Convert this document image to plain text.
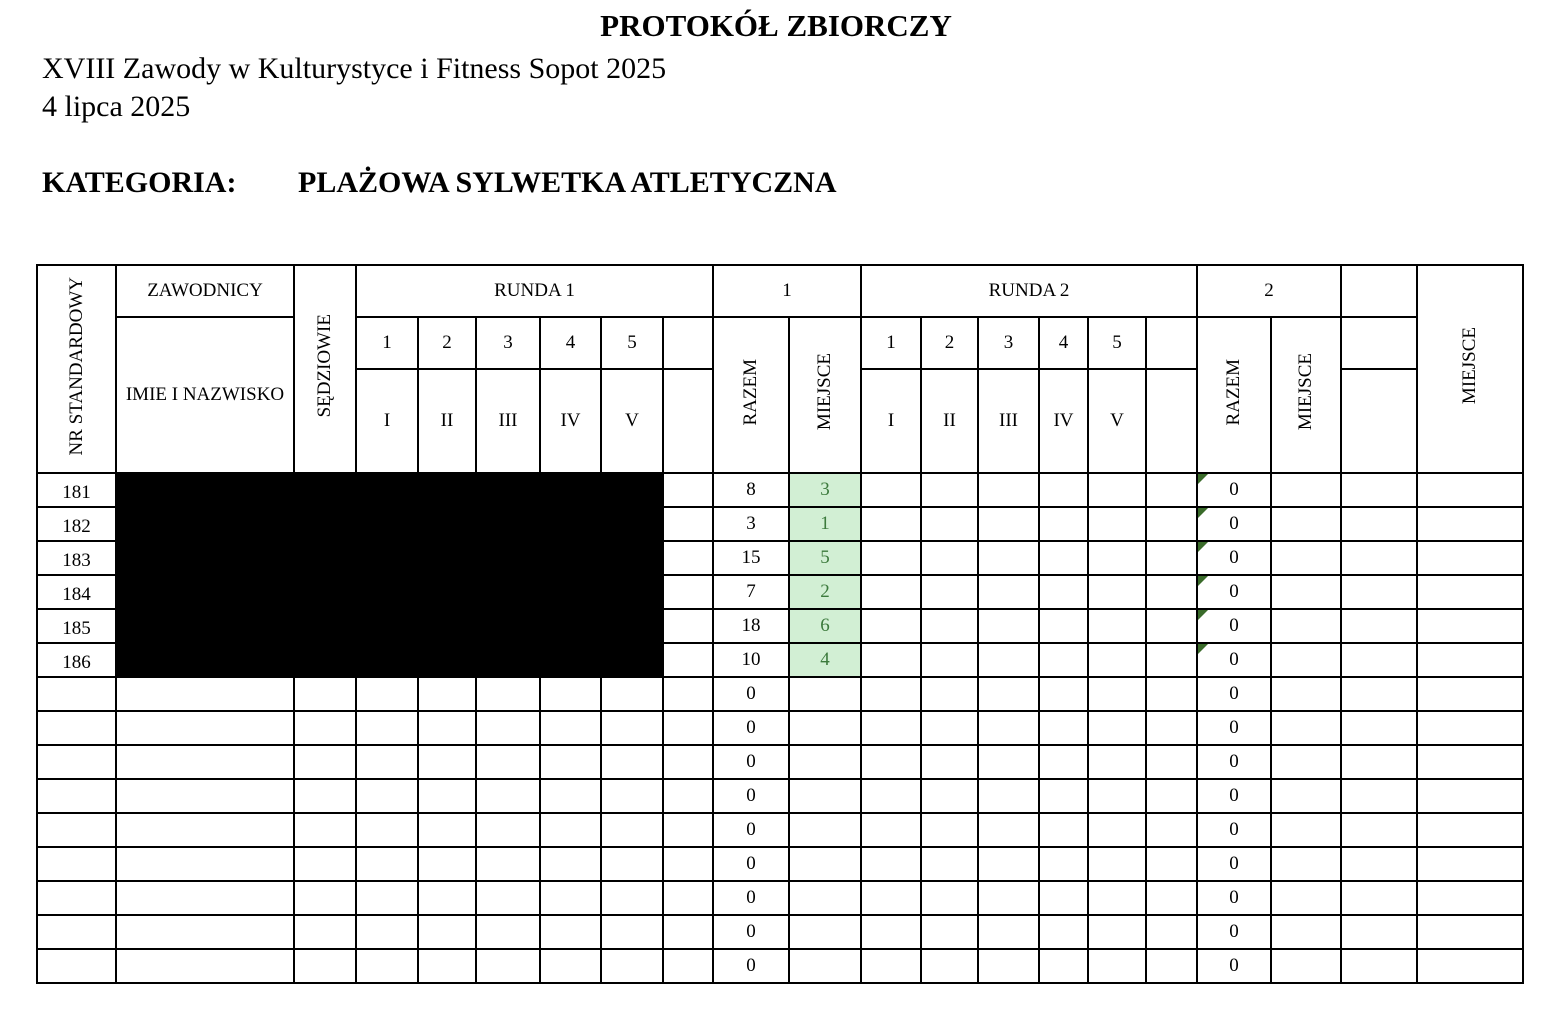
PROTOKÓŁ ZBIORCZY
XVIII Zawody w Kulturystyce i Fitness Sopot 2025
4 lipca 2025
KATEGORIA: PLAŻOWA SYLWETKA ATLETYCZNA
NR STANDARDOWY	ZAWODNICY	SĘDZIOWIE	RUNDA 1						1		RUNDA 2						2			MIEJSCE
	IMIE I NAZWISKO		1	2	3	4	5		RAZEM	MIEJSCE	1	2	3	4	5		RAZEM	MIEJSCE		
			I	II	III	IV	V				I	II	III	IV	V					
181									8	3							0

182									3	1							0

183									15	5							0

184									7	2							0

185									18	6							0

186									10	4							0

									0								0			
									0								0			
									0								0			
									0								0			
									0								0			
									0								0			
									0								0			
									0								0			
									0								0			
